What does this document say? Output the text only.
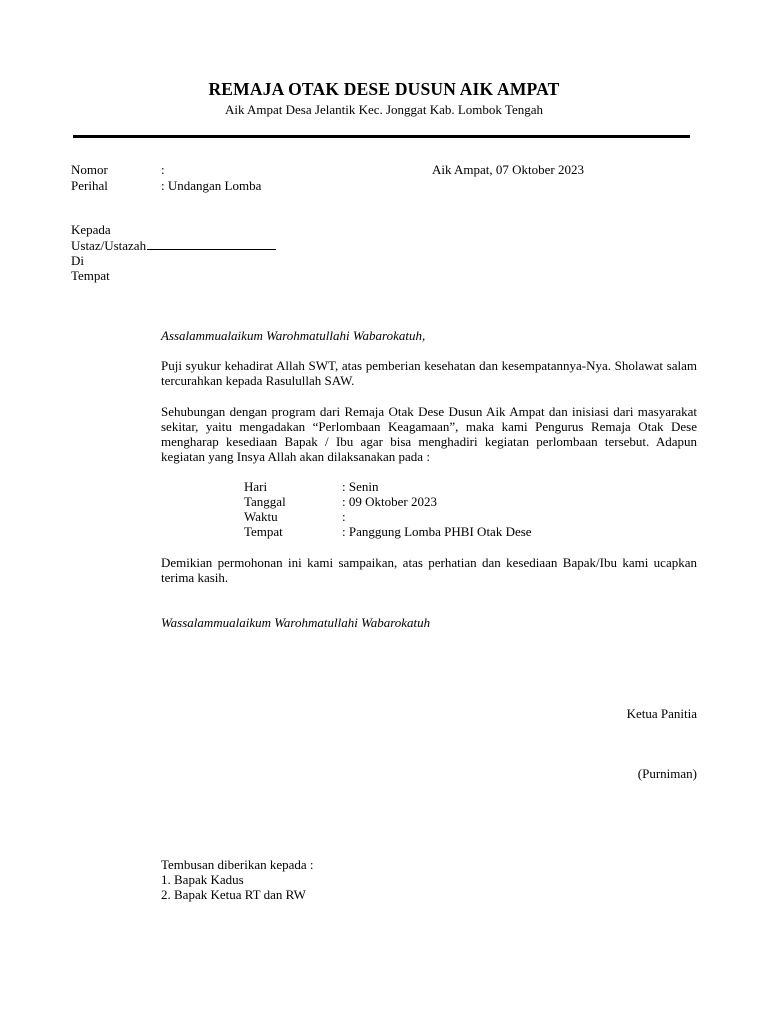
REMAJA OTAK DESE DUSUN AIK AMPAT
Aik Ampat Desa Jelantik Kec. Jonggat Kab. Lombok Tengah
Nomor	:
Perihal	: Undangan Lomba
Aik Ampat, 07 Oktober 2023
Kepada
Ustaz/Ustazah
Di
Tempat
Assalammualaikum Warohmatullahi Wabarokatuh,
Puji syukur kehadirat Allah SWT, atas pemberian kesehatan dan kesempatannya-Nya. Sholawat salam tercurahkan kepada Rasulullah SAW.
Sehubungan dengan program dari Remaja Otak Dese Dusun Aik Ampat dan inisiasi dari masyarakat sekitar, yaitu mengadakan “Perlombaan Keagamaan”, maka kami Pengurus Remaja Otak Dese mengharap kesediaan Bapak / Ibu agar bisa menghadiri kegiatan perlombaan tersebut. Adapun kegiatan yang Insya Allah akan dilaksanakan pada :
Hari	: Senin
Tanggal	: 09 Oktober 2023
Waktu	:
Tempat	: Panggung Lomba PHBI Otak Dese
Demikian permohonan ini kami sampaikan, atas perhatian dan kesediaan Bapak/Ibu kami ucapkan terima kasih.
Wassalammualaikum Warohmatullahi Wabarokatuh
Ketua Panitia
(Purniman)
Tembusan diberikan kepada :
1. Bapak Kadus
2. Bapak Ketua RT dan RW
